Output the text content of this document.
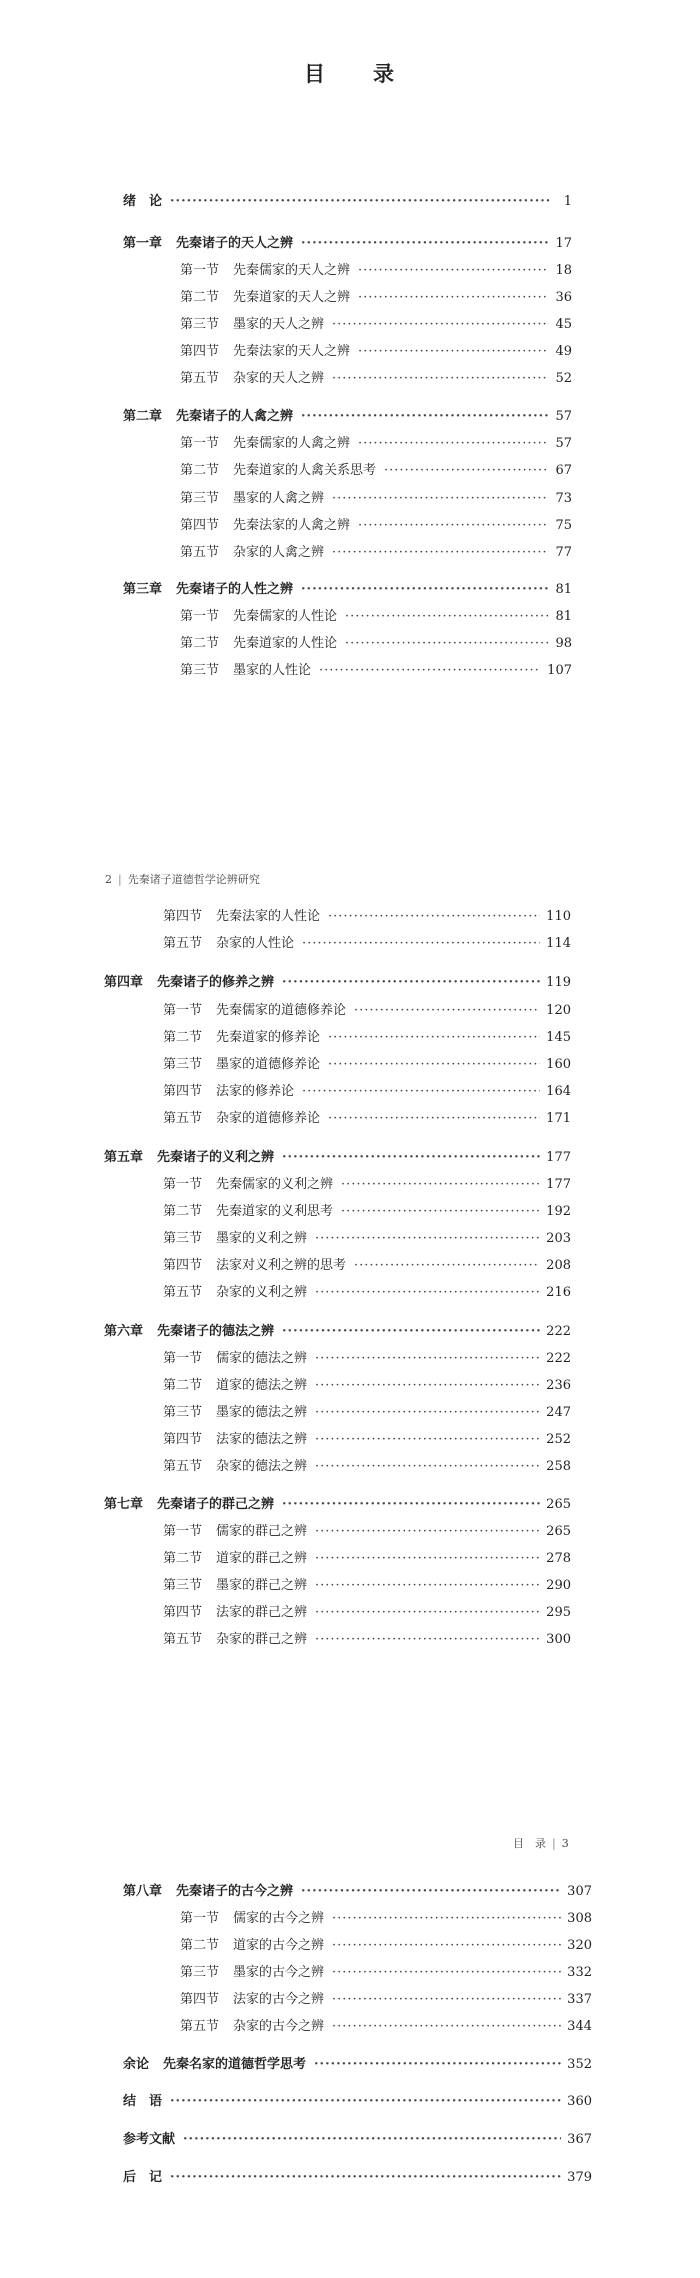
目　　录
绪　论 ·····	1
第一章 先秦诸子的天人之辨 ·····	17
第一节 先秦儒家的天人之辨 ·····	18
第二节 先秦道家的天人之辨 ·····	36
第三节 墨家的天人之辨 ·····	45
第四节 先秦法家的天人之辨 ·····	49
第五节 杂家的天人之辨 ·····	52
第二章 先秦诸子的人禽之辨 ·····	57
第一节 先秦儒家的人禽之辨 ·····	57
第二节 先秦道家的人禽关系思考 ·····	67
第三节 墨家的人禽之辨 ·····	73
第四节 先秦法家的人禽之辨 ·····	75
第五节 杂家的人禽之辨 ·····	77
第三章 先秦诸子的人性之辨 ·····	81
第一节 先秦儒家的人性论 ·····	81
第二节 先秦道家的人性论 ·····	98
第三节 墨家的人性论 ·····	107
2 | 先秦诸子道德哲学论辨研究
第四节 先秦法家的人性论 ·····	110
第五节 杂家的人性论 ·····	114
第四章 先秦诸子的修养之辨 ·····	119
第一节 先秦儒家的道德修养论 ·····	120
第二节 先秦道家的修养论 ·····	145
第三节 墨家的道德修养论 ·····	160
第四节 法家的修养论 ·····	164
第五节 杂家的道德修养论 ·····	171
第五章 先秦诸子的义利之辨 ·····	177
第一节 先秦儒家的义利之辨 ·····	177
第二节 先秦道家的义利思考 ·····	192
第三节 墨家的义利之辨 ·····	203
第四节 法家对义利之辨的思考 ·····	208
第五节 杂家的义利之辨 ·····	216
第六章 先秦诸子的德法之辨 ·····	222
第一节 儒家的德法之辨 ·····	222
第二节 道家的德法之辨 ·····	236
第三节 墨家的德法之辨 ·····	247
第四节 法家的德法之辨 ·····	252
第五节 杂家的德法之辨 ·····	258
第七章 先秦诸子的群己之辨 ·····	265
第一节 儒家的群己之辨 ·····	265
第二节 道家的群己之辨 ·····	278
第三节 墨家的群己之辨 ·····	290
第四节 法家的群己之辨 ·····	295
第五节 杂家的群己之辨 ·····	300
目　录 | 3
第八章 先秦诸子的古今之辨 ·····	307
第一节 儒家的古今之辨 ·····	308
第二节 道家的古今之辨 ·····	320
第三节 墨家的古今之辨 ·····	332
第四节 法家的古今之辨 ·····	337
第五节 杂家的古今之辨 ·····	344
余论 先秦名家的道德哲学思考 ·····	352
结　语 ·····	360
参考文献 ·····	367
后　记 ·····	379
